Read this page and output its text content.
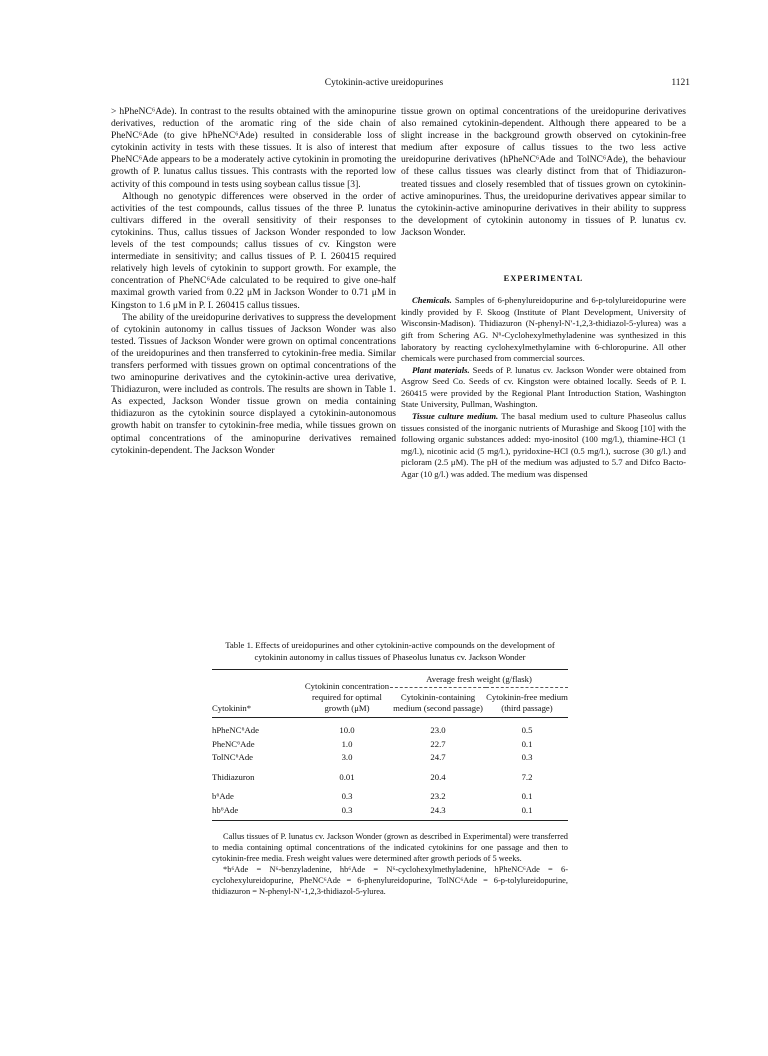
Cytokinin-active ureidopurines	1121

> hPheNC⁶Ade). In contrast to the results obtained with the aminopurine derivatives, reduction of the aromatic ring of the side chain of PheNC⁶Ade (to give hPheNC⁶Ade) resulted in considerable loss of cytokinin activity in tests with these tissues. It is also of interest that PheNC⁶Ade appears to be a moderately active cytokinin in promoting the growth of P. lunatus callus tissues. This contrasts with the reported low activity of this compound in tests using soybean callus tissue [3].

Although no genotypic differences were observed in the order of activities of the test compounds, callus tissues of the three P. lunatus cultivars differed in the overall sensitivity of their responses to cytokinins. Thus, callus tissues of Jackson Wonder responded to low levels of the test compounds; callus tissues of cv. Kingston were intermediate in sensitivity; and callus tissues of P. I. 260415 required relatively high levels of cytokinin to support growth. For example, the concentration of PheNC⁶Ade calculated to be required to give one-half maximal growth varied from 0.22 μM in Jackson Wonder to 0.71 μM in Kingston to 1.6 μM in P. I. 260415 callus tissues.

The ability of the ureidopurine derivatives to suppress the development of cytokinin autonomy in callus tissues of Jackson Wonder was also tested. Tissues of Jackson Wonder were grown on optimal concentrations of the ureidopurines and then transferred to cytokinin-free media. Similar transfers performed with tissues grown on optimal concentrations of the two aminopurine derivatives and the cytokinin-active urea derivative, Thidiazuron, were included as controls. The results are shown in Table 1. As expected, Jackson Wonder tissue grown on media containing thidiazuron as the cytokinin source displayed a cytokinin-autonomous growth habit on transfer to cytokinin-free media, while tissues grown on optimal concentrations of the aminopurine derivatives remained cytokinin-dependent. The Jackson Wonder

tissue grown on optimal concentrations of the ureidopurine derivatives also remained cytokinin-dependent. Although there appeared to be a slight increase in the background growth observed on cytokinin-free medium after exposure of callus tissues to the two less active ureidopurine derivatives (hPheNC⁶Ade and TolNC⁶Ade), the behaviour of these callus tissues was clearly distinct from that of Thidiazuron-treated tissues and closely resembled that of tissues grown on cytokinin-active aminopurines. Thus, the ureidopurine derivatives appear similar to the cytokinin-active aminopurine derivatives in their ability to suppress the development of cytokinin autonomy in tissues of P. lunatus cv. Jackson Wonder.

EXPERIMENTAL

Chemicals. Samples of 6-phenylureidopurine and 6-p-tolylureidopurine were kindly provided by F. Skoog (Institute of Plant Development, University of Wisconsin-Madison). Thidiazuron (N-phenyl-N′-1,2,3-thidiazol-5-ylurea) was a gift from Schering AG. N⁶-Cyclohexylmethyladenine was synthesized in this laboratory by reacting cyclohexylmethylamine with 6-chloropurine. All other chemicals were purchased from commercial sources.

Plant materials. Seeds of P. lunatus cv. Jackson Wonder were obtained from Asgrow Seed Co. Seeds of cv. Kingston were obtained locally. Seeds of P. I. 260415 were provided by the Regional Plant Introduction Station, Washington State University, Pullman, Washington.

Tissue culture medium. The basal medium used to culture Phaseolus callus tissues consisted of the inorganic nutrients of Murashige and Skoog [10] with the following organic substances added: myo-inositol (100 mg/l.), thiamine-HCl (1 mg/l.), nicotinic acid (5 mg/l.), pyridoxine-HCl (0.5 mg/l.), sucrose (30 g/l.) and picloram (2.5 μM). The pH of the medium was adjusted to 5.7 and Difco Bacto-Agar (10 g/l.) was added. The medium was dispensed

Table 1. Effects of ureidopurines and other cytokinin-active compounds on the development of cytokinin autonomy in callus tissues of Phaseolus lunatus cv. Jackson Wonder
Cytokinin*	Cytokinin concentration required for optimal growth (μM)	Average fresh weight (g/flask)	
		Cytokinin-containing medium (second passage)	Cytokinin-free medium (third passage)
hPheNC⁶Ade	10.0	23.0	0.5
PheNC⁶Ade	1.0	22.7	0.1
TolNC⁶Ade	3.0	24.7	0.3
Thidiazuron	0.01	20.4	7.2
b⁶Ade	0.3	23.2	0.1
hb⁶Ade	0.3	24.3	0.1

Callus tissues of P. lunatus cv. Jackson Wonder (grown as described in Experimental) were transferred to media containing optimal concentrations of the indicated cytokinins for one passage and then to cytokinin-free media. Fresh weight values were determined after growth periods of 5 weeks.

*b⁶Ade = N⁶-benzyladenine, hb⁶Ade = N⁶-cyclohexylmethyladenine, hPheNC⁶Ade = 6-cyclohexylureidopurine, PheNC⁶Ade = 6-phenylureidopurine, TolNC⁶Ade = 6-p-tolylureidopurine, thidiazuron = N-phenyl-N′-1,2,3-thidiazol-5-ylurea.
